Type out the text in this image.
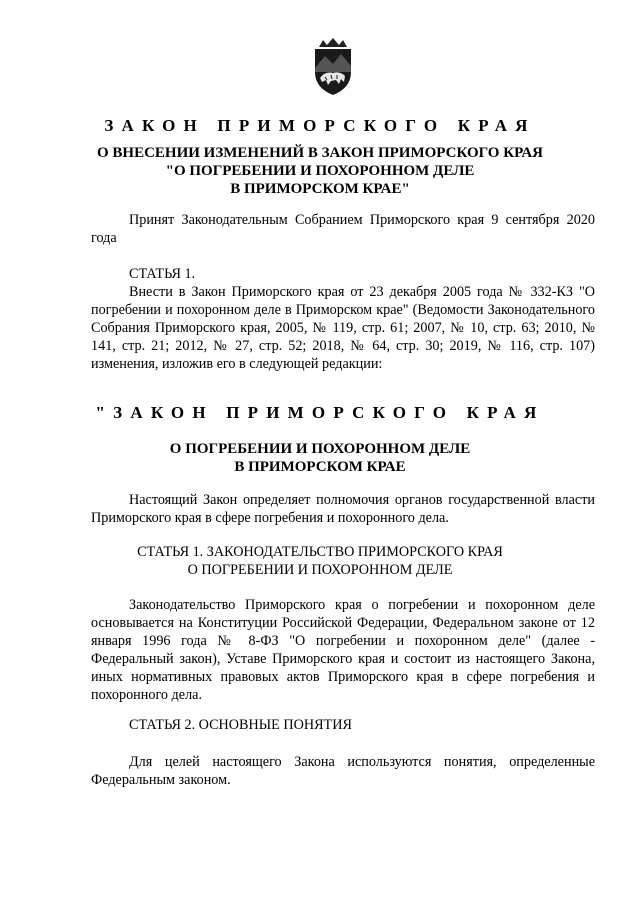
ЗАКОН ПРИМОРСКОГО КРАЯ
О ВНЕСЕНИИ ИЗМЕНЕНИЙ В ЗАКОН ПРИМОРСКОГО КРАЯ
"О ПОГРЕБЕНИИ И ПОХОРОННОМ ДЕЛЕ
В ПРИМОРСКОМ КРАЕ"

Принят Законодательным Собранием Приморского края 9 сентября 2020 года

СТАТЬЯ 1.

Внести в Закон Приморского края от 23 декабря 2005 года № 332-КЗ "О погребении и похоронном деле в Приморском крае" (Ведомости Законодательного Собрания Приморского края, 2005, № 119, стр. 61; 2007, № 10, стр. 63; 2010, № 141, стр. 21; 2012, № 27, стр. 52; 2018, № 64, стр. 30; 2019, № 116, стр. 107) изменения, изложив его в следующей редакции:

"ЗАКОН ПРИМОРСКОГО КРАЯ
О ПОГРЕБЕНИИ И ПОХОРОННОМ ДЕЛЕ
В ПРИМОРСКОМ КРАЕ

Настоящий Закон определяет полномочия органов государственной власти Приморского края в сфере погребения и похоронного дела.

СТАТЬЯ 1. ЗАКОНОДАТЕЛЬСТВО ПРИМОРСКОГО КРАЯ
О ПОГРЕБЕНИИ И ПОХОРОННОМ ДЕЛЕ

Законодательство Приморского края о погребении и похоронном деле основывается на Конституции Российской Федерации, Федеральном законе от 12 января 1996 года № 8-ФЗ "О погребении и похоронном деле" (далее - Федеральный закон), Уставе Приморского края и состоит из настоящего Закона, иных нормативных правовых актов Приморского края в сфере погребения и похоронного дела.

СТАТЬЯ 2. ОСНОВНЫЕ ПОНЯТИЯ

Для целей настоящего Закона используются понятия, определенные Федеральным законом.
